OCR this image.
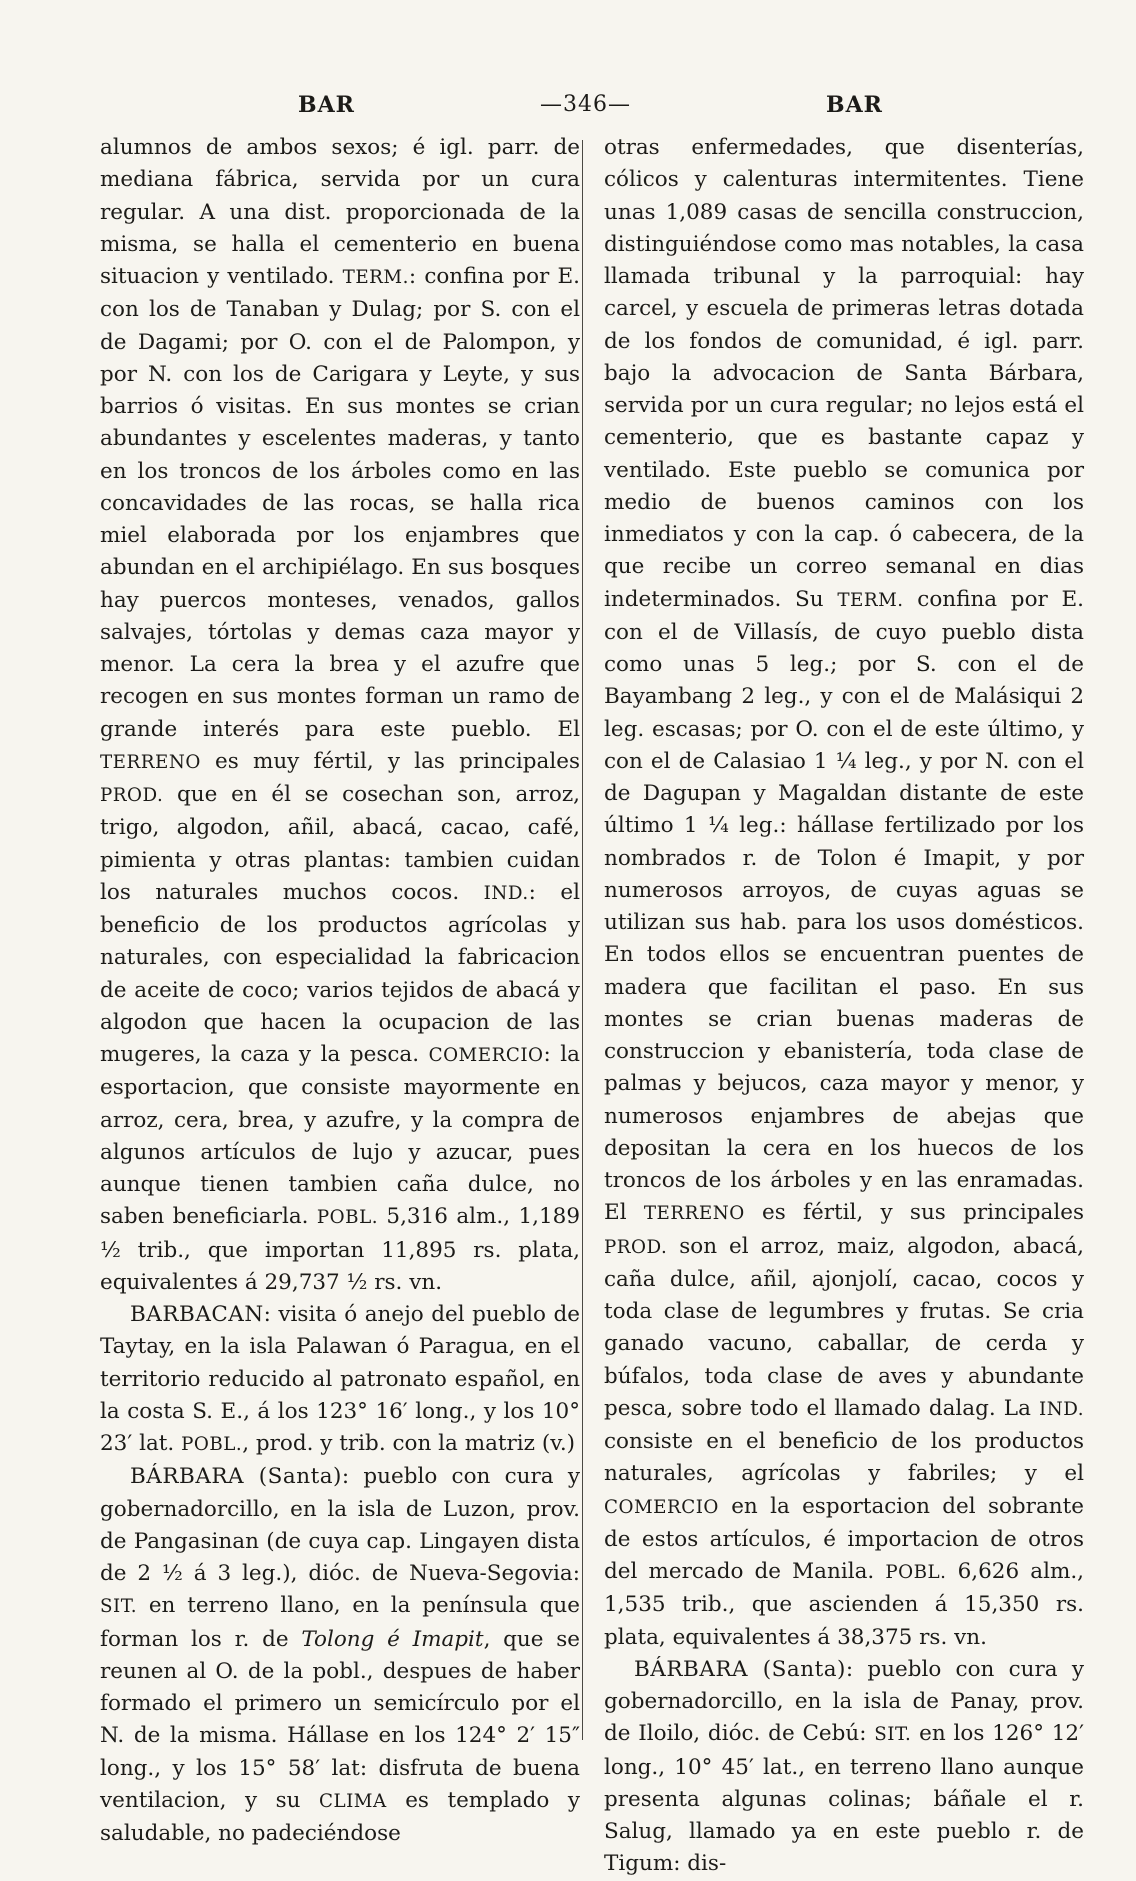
BAR	—346—	BAR

alumnos de ambos sexos; é igl. parr. de mediana fábrica, servida por un cura regular. A una dist. proporcionada de la misma, se halla el cementerio en buena situacion y ventilado. TERM.: confina por E. con los de Tanaban y Dulag; por S. con el de Dagami; por O. con el de Palompon, y por N. con los de Carigara y Leyte, y sus barrios ó visitas. En sus montes se crian abundantes y escelentes maderas, y tanto en los troncos de los árboles como en las concavidades de las rocas, se halla rica miel elaborada por los enjambres que abundan en el archipiélago. En sus bosques hay puercos monteses, venados, gallos salvajes, tórtolas y demas caza mayor y menor. La cera la brea y el azufre que recogen en sus montes forman un ramo de grande interés para este pueblo. El TERRENO es muy fértil, y las principales PROD. que en él se cosechan son, arroz, trigo, algodon, añil, abacá, cacao, café, pimienta y otras plantas: tambien cuidan los naturales muchos cocos. IND.: el beneficio de los productos agrícolas y naturales, con especialidad la fabricacion de aceite de coco; varios tejidos de abacá y algodon que hacen la ocupacion de las mugeres, la caza y la pesca. COMERCIO: la esportacion, que consiste mayormente en arroz, cera, brea, y azufre, y la compra de algunos artículos de lujo y azucar, pues aunque tienen tambien caña dulce, no saben beneficiarla. POBL. 5,316 alm., 1,189 ½ trib., que importan 11,895 rs. plata, equivalentes á 29,737 ½ rs. vn.

BARBACAN: visita ó anejo del pueblo de Taytay, en la isla Palawan ó Paragua, en el territorio reducido al patronato español, en la costa S. E., á los 123° 16′ long., y los 10° 23′ lat. POBL., prod. y trib. con la matriz (v.)

BÁRBARA (Santa): pueblo con cura y gobernadorcillo, en la isla de Luzon, prov. de Pangasinan (de cuya cap. Lingayen dista de 2 ½ á 3 leg.), dióc. de Nueva-Segovia: SIT. en terreno llano, en la península que forman los r. de Tolong é Imapit, que se reunen al O. de la pobl., despues de haber formado el primero un semicírculo por el N. de la misma. Hállase en los 124° 2′ 15″ long., y los 15° 58′ lat: disfruta de buena ventilacion, y su CLIMA es templado y saludable, no padeciéndose

otras enfermedades, que disenterías, cólicos y calenturas intermitentes. Tiene unas 1,089 casas de sencilla construccion, distinguiéndose como mas notables, la casa llamada tribunal y la parroquial: hay carcel, y escuela de primeras letras dotada de los fondos de comunidad, é igl. parr. bajo la advocacion de Santa Bárbara, servida por un cura regular; no lejos está el cementerio, que es bastante capaz y ventilado. Este pueblo se comunica por medio de buenos caminos con los inmediatos y con la cap. ó cabecera, de la que recibe un correo semanal en dias indeterminados. Su TERM. confina por E. con el de Villasís, de cuyo pueblo dista como unas 5 leg.; por S. con el de Bayambang 2 leg., y con el de Malásiqui 2 leg. escasas; por O. con el de este último, y con el de Calasiao 1 ¼ leg., y por N. con el de Dagupan y Magaldan distante de este último 1 ¼ leg.: hállase fertilizado por los nombrados r. de Tolon é Imapit, y por numerosos arroyos, de cuyas aguas se utilizan sus hab. para los usos domésticos. En todos ellos se encuentran puentes de madera que facilitan el paso. En sus montes se crian buenas maderas de construccion y ebanistería, toda clase de palmas y bejucos, caza mayor y menor, y numerosos enjambres de abejas que depositan la cera en los huecos de los troncos de los árboles y en las enramadas. El TERRENO es fértil, y sus principales PROD. son el arroz, maiz, algodon, abacá, caña dulce, añil, ajonjolí, cacao, cocos y toda clase de legumbres y frutas. Se cria ganado vacuno, caballar, de cerda y búfalos, toda clase de aves y abundante pesca, sobre todo el llamado dalag. La IND. consiste en el beneficio de los productos naturales, agrícolas y fabriles; y el COMERCIO en la esportacion del sobrante de estos artículos, é importacion de otros del mercado de Manila. POBL. 6,626 alm., 1,535 trib., que ascienden á 15,350 rs. plata, equivalentes á 38,375 rs. vn.

BÁRBARA (Santa): pueblo con cura y gobernadorcillo, en la isla de Panay, prov. de Iloilo, dióc. de Cebú: SIT. en los 126° 12′ long., 10° 45′ lat., en terreno llano aunque presenta algunas colinas; báñale el r. Salug, llamado ya en este pueblo r. de Tigum: dis-
